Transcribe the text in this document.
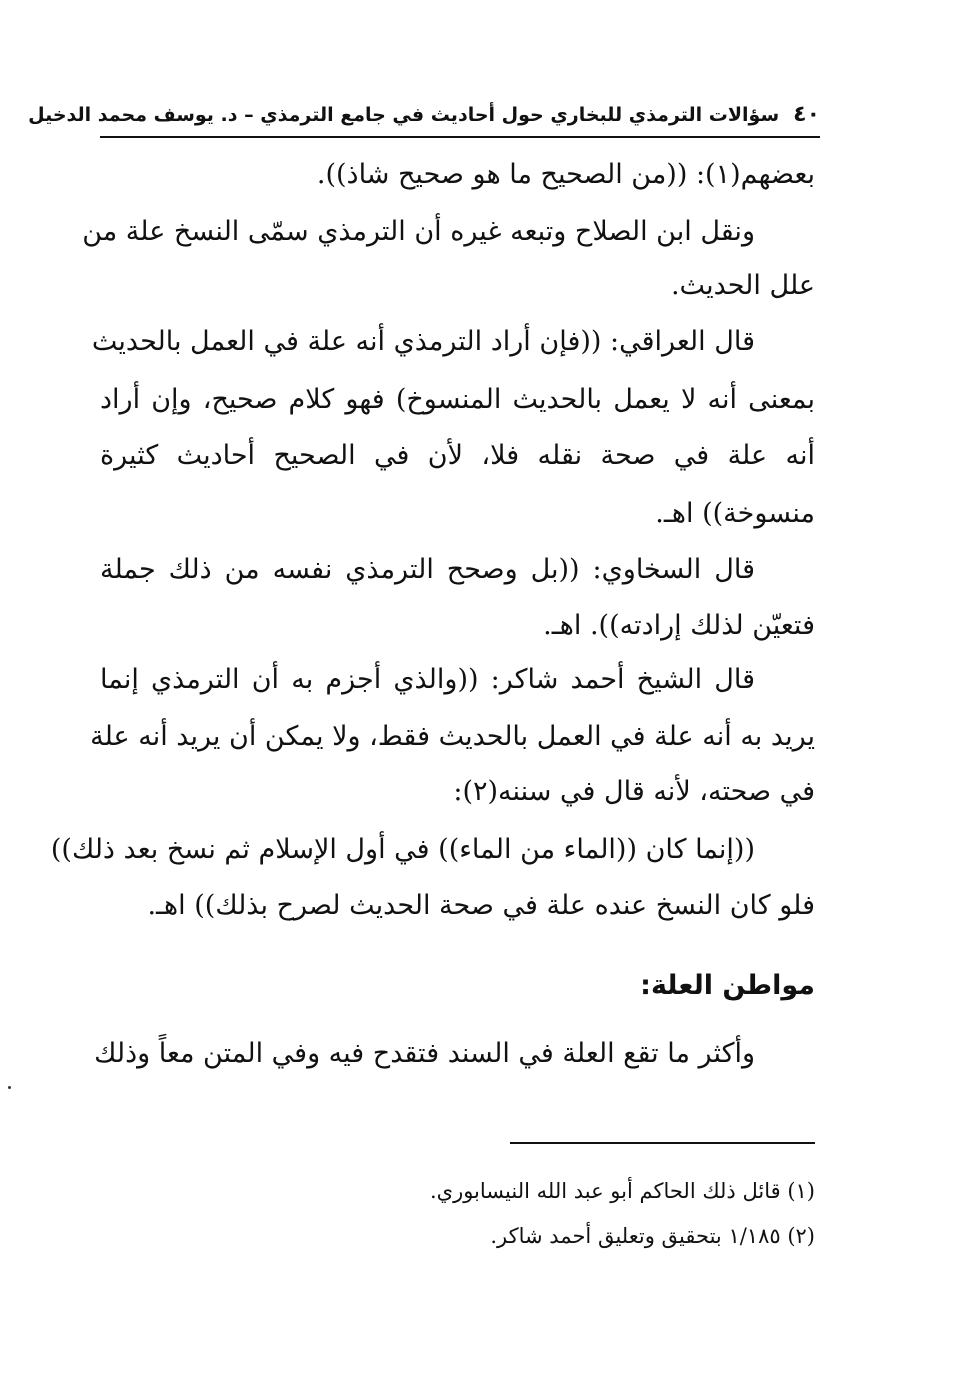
٤٠سؤالات الترمذي للبخاري حول أحاديث في جامع الترمذي – د. يوسف محمد الدخيل
بعضهم(١): ((من الصحيح ما هو صحيح شاذ)).
ونقل ابن الصلاح وتبعه غيره أن الترمذي سمّى النسخ علة من
علل الحديث.
قال العراقي: ((فإن أراد الترمذي أنه علة في العمل بالحديث
بمعنى أنه لا يعمل بالحديث المنسوخ) فهو كلام صحيح، وإن أراد
أنه علة في صحة نقله فلا، لأن في الصحيح أحاديث كثيرة
منسوخة)) اهـ.
قال السخاوي: ((بل وصحح الترمذي نفسه من ذلك جملة
فتعيّن لذلك إرادته)). اهـ.
قال الشيخ أحمد شاكر: ((والذي أجزم به أن الترمذي إنما
يريد به أنه علة في العمل بالحديث فقط، ولا يمكن أن يريد أنه علة
في صحته، لأنه قال في سننه(٢):
((إنما كان ((الماء من الماء)) في أول الإسلام ثم نسخ بعد ذلك))
فلو كان النسخ عنده علة في صحة الحديث لصرح بذلك)) اهـ.
مواطن العلة:
وأكثر ما تقع العلة في السند فتقدح فيه وفي المتن معاً وذلك
(١) قائل ذلك الحاكم أبو عبد الله النيسابوري.
(٢) ١/١٨٥ بتحقيق وتعليق أحمد شاكر.
